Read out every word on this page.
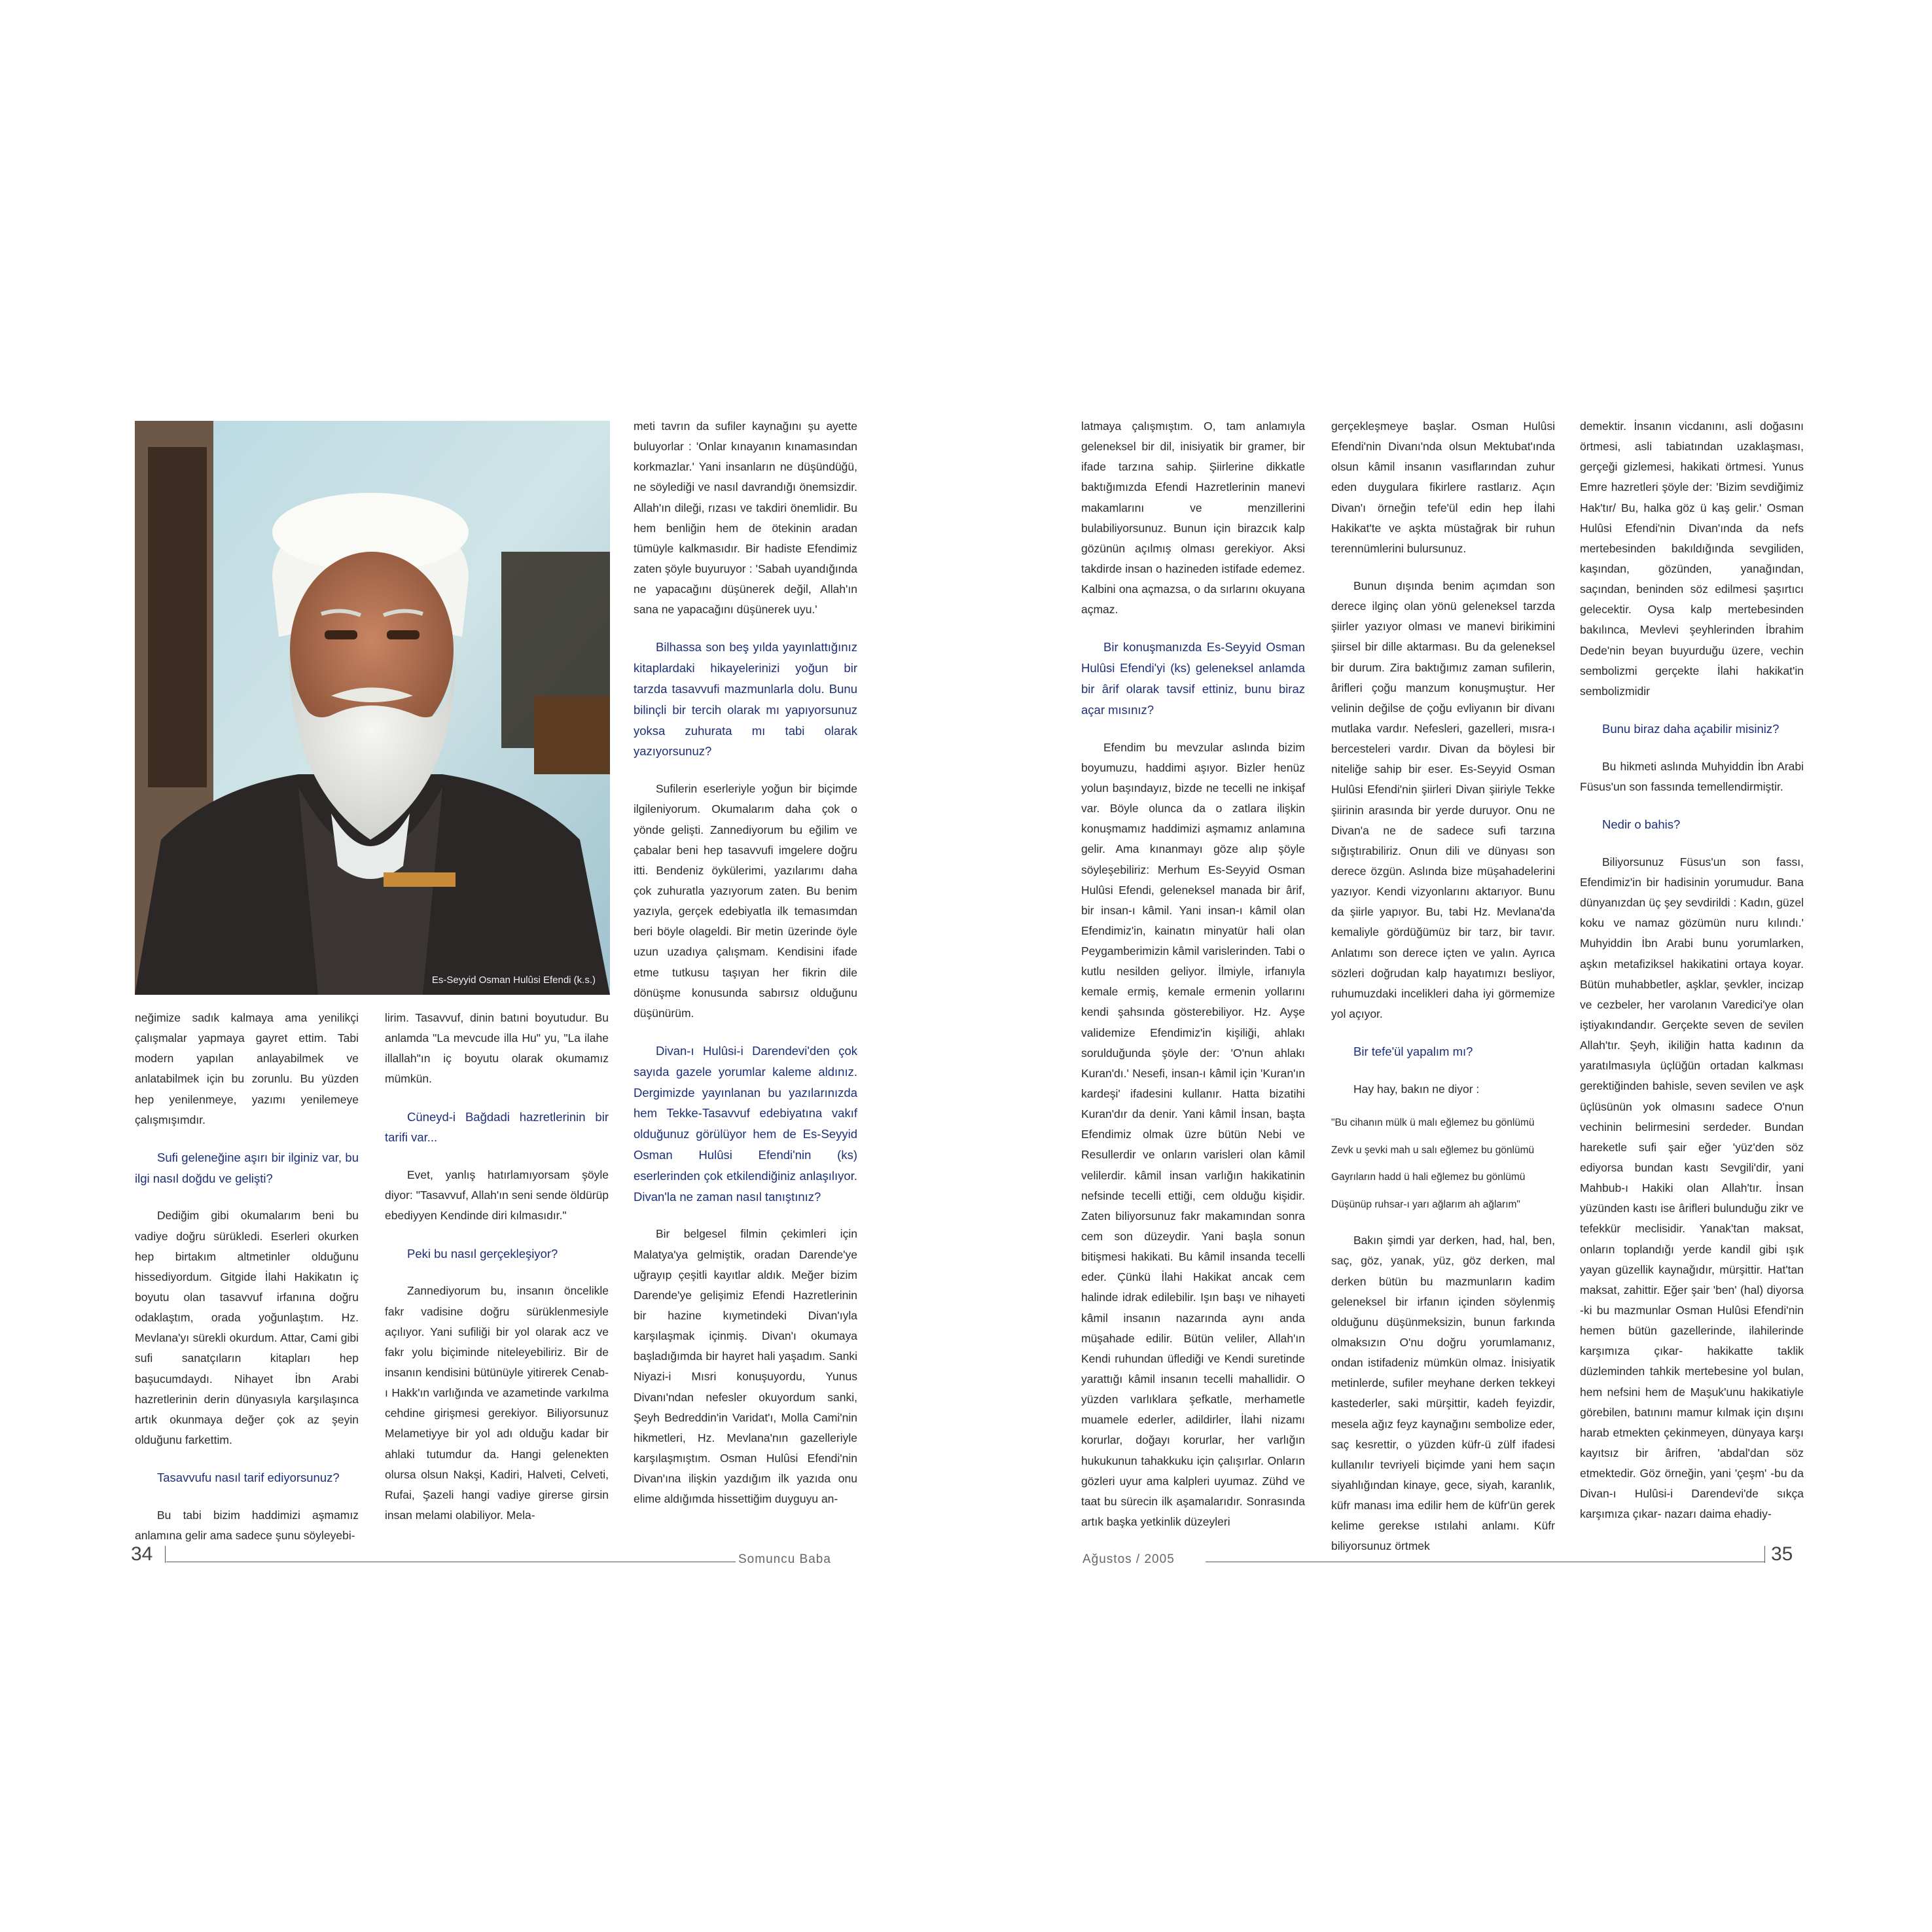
Es-Seyyid Osman Hulûsi Efendi (k.s.)

neğimize sadık kalmaya ama yenilikçi çalışmalar yapmaya gayret ettim. Tabi modern yapılan anlayabilmek ve anlatabilmek için bu zorunlu. Bu yüzden hep yenilenmeye, yazımı yenilemeye çalışmışımdır.

Sufi geleneğine aşırı bir ilginiz var, bu ilgi nasıl doğdu ve gelişti?

Dediğim gibi okumalarım beni bu vadiye doğru sürükledi. Eserleri okurken hep birtakım altmetinler olduğunu hissediyordum. Gitgide İlahi Hakikatın iç boyutu olan tasavvuf irfanına doğru odaklaştım, orada yoğunlaştım. Hz. Mevlana'yı sürekli okurdum. Attar, Cami gibi sufi sanatçıların kitapları hep başucumdaydı. Nihayet İbn Arabi hazretlerinin derin dünyasıyla karşılaşınca artık okunmaya değer çok az şeyin olduğunu farkettim.

Tasavvufu nasıl tarif ediyorsunuz?

Bu tabi bizim haddimizi aşmamız anlamına gelir ama sadece şunu söyleyebi-

lirim. Tasavvuf, dinin batıni boyutudur. Bu anlamda "La mevcude illa Hu" yu, "La ilahe illallah"ın iç boyutu olarak okumamız mümkün.

Cüneyd-i Bağdadi hazretlerinin bir tarifi var...

Evet, yanlış hatırlamıyorsam şöyle diyor: "Tasavvuf, Allah'ın seni sende öldürüp ebediyyen Kendinde diri kılmasıdır."

Peki bu nasıl gerçekleşiyor?

Zannediyorum bu, insanın öncelikle fakr vadisine doğru sürüklenmesiyle açılıyor. Yani sufiliği bir yol olarak acz ve fakr yolu biçiminde niteleyebiliriz. Bir de insanın kendisini bütünüyle yitirerek Cenab-ı Hakk'ın varlığında ve azametinde varkılma cehdine girişmesi gerekiyor. Biliyorsunuz Melametiyye bir yol adı olduğu kadar bir ahlaki tutumdur da. Hangi gelenekten olursa olsun Nakşi, Kadiri, Halveti, Celveti, Rufai, Şazeli hangi vadiye girerse girsin insan melami olabiliyor. Mela-

meti tavrın da sufiler kaynağını şu ayette buluyorlar : 'Onlar kınayanın kınamasından korkmazlar.' Yani insanların ne düşündüğü, ne söylediği ve nasıl davrandığı önemsizdir. Allah'ın dileği, rızası ve takdiri önemlidir. Bu hem benliğin hem de ötekinin aradan tümüyle kalkmasıdır. Bir hadiste Efendimiz zaten şöyle buyuruyor : 'Sabah uyandığında ne yapacağını düşünerek değil, Allah'ın sana ne yapacağını düşünerek uyu.'

Bilhassa son beş yılda yayınlattığınız kitaplardaki hikayelerinizi yoğun bir tarzda tasavvufi mazmunlarla dolu. Bunu bilinçli bir tercih olarak mı yapıyorsunuz yoksa zuhurata mı tabi olarak yazıyorsunuz?

Sufilerin eserleriyle yoğun bir biçimde ilgileniyorum. Okumalarım daha çok o yönde gelişti. Zannediyorum bu eğilim ve çabalar beni hep tasavvufi imgelere doğru itti. Bendeniz öykülerimi, yazılarımı daha çok zuhuratla yazıyorum zaten. Bu benim yazıyla, gerçek edebiyatla ilk temasımdan beri böyle olageldi. Bir metin üzerinde öyle uzun uzadıya çalışmam. Kendisini ifade etme tutkusu taşıyan her fikrin dile dönüşme konusunda sabırsız olduğunu düşünürüm.

Divan-ı Hulûsi-i Darendevi'den çok sayıda gazele yorumlar kaleme aldınız. Dergimizde yayınlanan bu yazılarınızda hem Tekke-Tasavvuf edebiyatına vakıf olduğunuz görülüyor hem de Es-Seyyid Osman Hulûsi Efendi'nin (ks) eserlerinden çok etkilendiğiniz anlaşılıyor. Divan'la ne zaman nasıl tanıştınız?

Bir belgesel filmin çekimleri için Malatya'ya gelmiştik, oradan Darende'ye uğrayıp çeşitli kayıtlar aldık. Meğer bizim Darende'ye gelişimiz Efendi Hazretlerinin bir hazine kıymetindeki Divan'ıyla karşılaşmak içinmiş. Divan'ı okumaya başladığımda bir hayret hali yaşadım. Sanki Niyazi-i Mısri konuşuyordu, Yunus Divanı'ndan nefesler okuyordum sanki, Şeyh Bedreddin'in Varidat'ı, Molla Cami'nin hikmetleri, Hz. Mevlana'nın gazelleriyle karşılaşmıştım. Osman Hulûsi Efendi'nin Divan'ına ilişkin yazdığım ilk yazıda onu elime aldığımda hissettiğim duyguyu an-

latmaya çalışmıştım. O, tam anlamıyla geleneksel bir dil, inisiyatik bir gramer, bir ifade tarzına sahip. Şiirlerine dikkatle baktığımızda Efendi Hazretlerinin manevi makamlarını ve menzillerini bulabiliyorsunuz. Bunun için birazcık kalp gözünün açılmış olması gerekiyor. Aksi takdirde insan o hazineden istifade edemez. Kalbini ona açmazsa, o da sırlarını okuyana açmaz.

Bir konuşmanızda Es-Seyyid Osman Hulûsi Efendi'yi (ks) geleneksel anlamda bir ârif olarak tavsif ettiniz, bunu biraz açar mısınız?

Efendim bu mevzular aslında bizim boyumuzu, haddimi aşıyor. Bizler henüz yolun başındayız, bizde ne tecelli ne inkişaf var. Böyle olunca da o zatlara ilişkin konuşmamız haddimizi aşmamız anlamına gelir. Ama kınanmayı göze alıp şöyle söyleşebiliriz: Merhum Es-Seyyid Osman Hulûsi Efendi, geleneksel manada bir ârif, bir insan-ı kâmil. Yani insan-ı kâmil olan Efendimiz'in, kainatın minyatür hali olan Peygamberimizin kâmil varislerinden. Tabi o kutlu nesilden geliyor. İlmiyle, irfanıyla kemale ermiş, kemale ermenin yollarını kendi şahsında gösterebiliyor. Hz. Ayşe validemize Efendimiz'in kişiliği, ahlakı sorulduğunda şöyle der: 'O'nun ahlakı Kuran'dı.' Nesefi, insan-ı kâmil için 'Kuran'ın kardeşi' ifadesini kullanır. Hatta bizatihi Kuran'dır da denir. Yani kâmil İnsan, başta Efendimiz olmak üzre bütün Nebi ve Resullerdir ve onların varisleri olan kâmil velilerdir. kâmil insan varlığın hakikatinin nefsinde tecelli ettiği, cem olduğu kişidir. Zaten biliyorsunuz fakr makamından sonra cem son düzeydir. Yani başla sonun bitişmesi hakikati. Bu kâmil insanda tecelli eder. Çünkü İlahi Hakikat ancak cem halinde idrak edilebilir. Işın başı ve nihayeti kâmil insanın nazarında aynı anda müşahade edilir. Bütün veliler, Allah'ın Kendi ruhundan üflediği ve Kendi suretinde yarattığı kâmil insanın tecelli mahallidir. O yüzden varlıklara şefkatle, merhametle muamele ederler, adildirler, İlahi nizamı korurlar, doğayı korurlar, her varlığın hukukunun tahakkuku için çalışırlar. Onların gözleri uyur ama kalpleri uyumaz. Zühd ve taat bu sürecin ilk aşamalarıdır. Sonrasında artık başka yetkinlik düzeyleri

gerçekleşmeye başlar. Osman Hulûsi Efendi'nin Divanı'nda olsun Mektubat'ında olsun kâmil insanın vasıflarından zuhur eden duygulara fikirlere rastlarız. Açın Divan'ı örneğin tefe'ül edin hep İlahi Hakikat'te ve aşkta müstağrak bir ruhun terennümlerini bulursunuz.

Bunun dışında benim açımdan son derece ilginç olan yönü geleneksel tarzda şiirler yazıyor olması ve manevi birikimini şiirsel bir dille aktarması. Bu da geleneksel bir durum. Zira baktığımız zaman sufilerin, ârifleri çoğu manzum konuşmuştur. Her velinin değilse de çoğu evliyanın bir divanı mutlaka vardır. Nefesleri, gazelleri, mısra-ı bercesteleri vardır. Divan da böylesi bir niteliğe sahip bir eser. Es-Seyyid Osman Hulûsi Efendi'nin şiirleri Divan şiiriyle Tekke şiirinin arasında bir yerde duruyor. Onu ne Divan'a ne de sadece sufi tarzına sığıştırabiliriz. Onun dili ve dünyası son derece özgün. Aslında bize müşahadelerini yazıyor. Kendi vizyonlarını aktarıyor. Bunu da şiirle yapıyor. Bu, tabi Hz. Mevlana'da kemaliyle gördüğümüz bir tarz, bir tavır. Anlatımı son derece içten ve yalın. Ayrıca sözleri doğrudan kalp hayatımızı besliyor, ruhumuzdaki incelikleri daha iyi görmemize yol açıyor.

Bir tefe'ül yapalım mı?

Hay hay, bakın ne diyor :

"Bu cihanın mülk ü malı eğlemez bu gönlümü

Zevk u şevki mah u salı eğlemez bu gönlümü

Gayrıların hadd ü hali eğlemez bu gönlümü

Düşünüp ruhsar-ı yarı ağlarım ah ağlarım"

Bakın şimdi yar derken, had, hal, ben, saç, göz, yanak, yüz, göz derken, mal derken bütün bu mazmunların kadim geleneksel bir irfanın içinden söylenmiş olduğunu düşünmeksizin, bunun farkında olmaksızın O'nu doğru yorumlamanız, ondan istifadeniz mümkün olmaz. İnisiyatik metinlerde, sufiler meyhane derken tekkeyi kastederler, saki mürşittir, kadeh feyizdir, mesela ağız feyz kaynağını sembolize eder, saç kesrettir, o yüzden küfr-ü zülf ifadesi kullanılır tevriyeli biçimde yani hem saçın siyahlığından kinaye, gece, siyah, karanlık, küfr manası ima edilir hem de küfr'ün gerek kelime gerekse ıstılahi anlamı. Küfr biliyorsunuz örtmek

demektir. İnsanın vicdanını, asli doğasını örtmesi, asli tabiatından uzaklaşması, gerçeği gizlemesi, hakikati örtmesi. Yunus Emre hazretleri şöyle der: 'Bizim sevdiğimiz Hak'tır/ Bu, halka göz ü kaş gelir.' Osman Hulûsi Efendi'nin Divan'ında da nefs mertebesinden bakıldığında sevgiliden, kaşından, gözünden, yanağından, saçından, beninden söz edilmesi şaşırtıcı gelecektir. Oysa kalp mertebesinden bakılınca, Mevlevi şeyhlerinden İbrahim Dede'nin beyan buyurduğu üzere, vechin sembolizmi gerçekte İlahi hakikat'in sembolizmidir

Bunu biraz daha açabilir misiniz?

Bu hikmeti aslında Muhyiddin İbn Arabi Füsus'un son fassında temellendirmiştir.

Nedir o bahis?

Biliyorsunuz Füsus'un son fassı, Efendimiz'in bir hadisinin yorumudur. Bana dünyanızdan üç şey sevdirildi : Kadın, güzel koku ve namaz gözümün nuru kılındı.' Muhyiddin İbn Arabi bunu yorumlarken, aşkın metafiziksel hakikatini ortaya koyar. Bütün muhabbetler, aşklar, şevkler, incizap ve cezbeler, her varolanın Varedici'ye olan iştiyakındandır. Gerçekte seven de sevilen Allah'tır. Şeyh, ikiliğin hatta kadının da yaratılmasıyla üçlüğün ortadan kalkması gerektiğinden bahisle, seven sevilen ve aşk üçlüsünün yok olmasını sadece O'nun vechinin belirmesini serdeder. Bundan hareketle sufi şair eğer 'yüz'den söz ediyorsa bundan kastı Sevgili'dir, yani Mahbub-ı Hakiki olan Allah'tır. İnsan yüzünden kastı ise ârifleri bulunduğu zikr ve tefekkür meclisidir. Yanak'tan maksat, onların toplandığı yerde kandil gibi ışık yayan güzellik kaynağıdır, mürşittir. Hat'tan maksat, zahittir. Eğer şair 'ben' (hal) diyorsa -ki bu mazmunlar Osman Hulûsi Efendi'nin hemen bütün gazellerinde, ilahilerinde karşımıza çıkar- hakikatte taklik düzleminden tahkik mertebesine yol bulan, hem nefsini hem de Maşuk'unu hakikatiyle görebilen, batınını mamur kılmak için dışını harab etmekten çekinmeyen, dünyaya karşı kayıtsız bir ârifren, 'abdal'dan söz etmektedir. Göz örneğin, yani 'çeşm' -bu da Divan-ı Hulûsi-i Darendevi'de sıkça karşımıza çıkar- nazarı daima ehadiy-

34	Somuncu Baba	Ağustos / 2005	35
